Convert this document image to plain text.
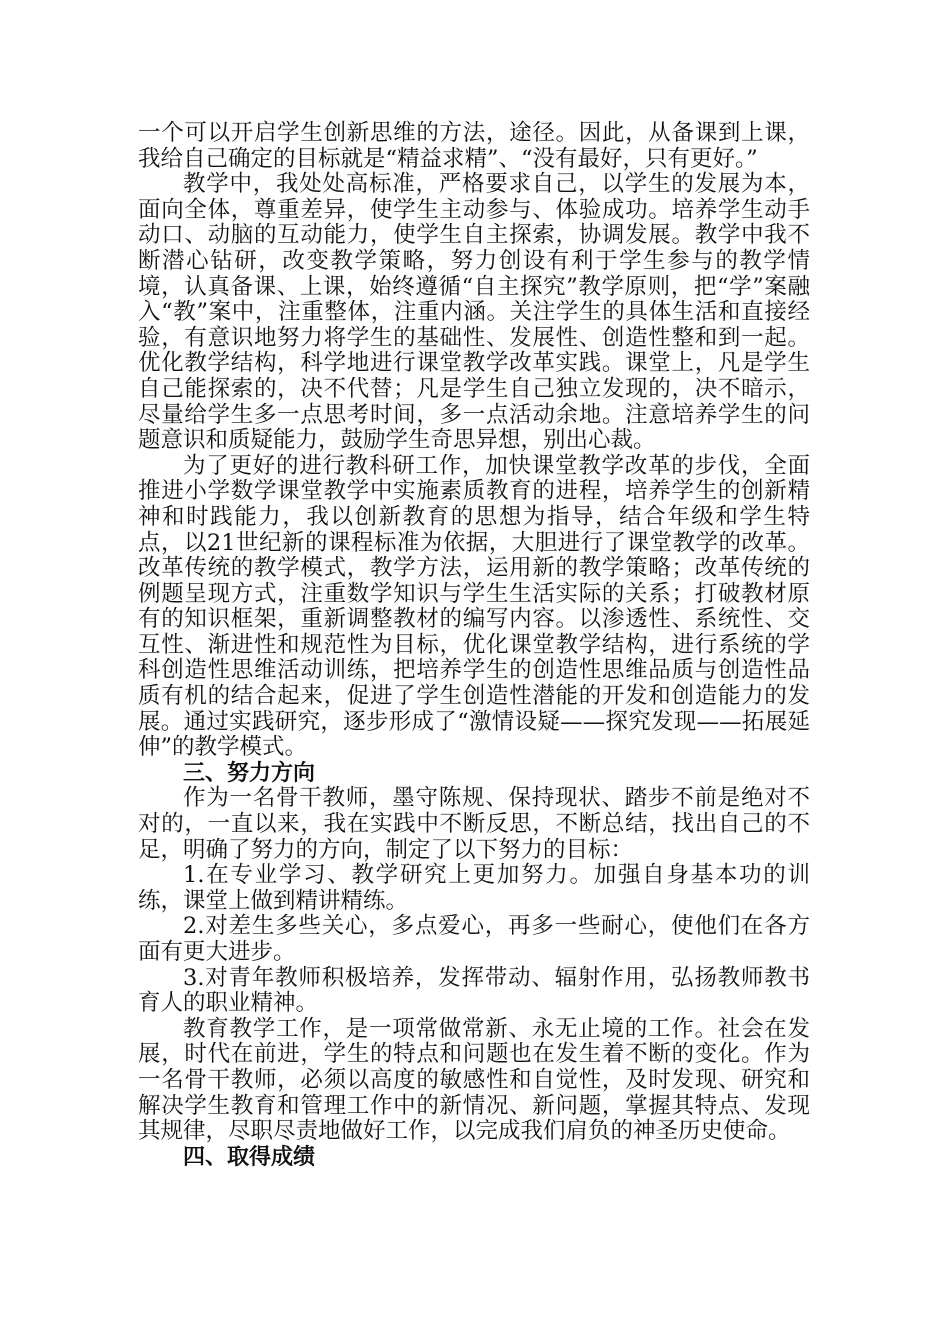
一个可以开启学生创新思维的方法，途径。因此，从备课到上课，我给自己确定的目标就是“精益求精”、“没有最好，只有更好。”

教学中，我处处高标准，严格要求自己，以学生的发展为本，面向全体，尊重差异，使学生主动参与、体验成功。培养学生动手动口、动脑的互动能力，使学生自主探索，协调发展。教学中我不断潜心钻研，改变教学策略，努力创设有利于学生参与的教学情境，认真备课、上课，始终遵循“自主探究”教学原则，把“学”案融入“教”案中，注重整体，注重内涵。关注学生的具体生活和直接经验，有意识地努力将学生的基础性、发展性、创造性整和到一起。优化教学结构，科学地进行课堂教学改革实践。课堂上，凡是学生自己能探索的，决不代替；凡是学生自己独立发现的，决不暗示，尽量给学生多一点思考时间，多一点活动余地。注意培养学生的问题意识和质疑能力，鼓励学生奇思异想，别出心裁。

为了更好的进行教科研工作，加快课堂教学改革的步伐，全面推进小学数学课堂教学中实施素质教育的进程，培养学生的创新精神和时践能力，我以创新教育的思想为指导，结合年级和学生特点，以21世纪新的课程标准为依据，大胆进行了课堂教学的改革。改革传统的教学模式，教学方法，运用新的教学策略；改革传统的例题呈现方式，注重数学知识与学生生活实际的关系；打破教材原有的知识框架，重新调整教材的编写内容。以渗透性、系统性、交互性、渐进性和规范性为目标，优化课堂教学结构，进行系统的学科创造性思维活动训练，把培养学生的创造性思维品质与创造性品质有机的结合起来，促进了学生创造性潜能的开发和创造能力的发展。通过实践研究，逐步形成了“激情设疑——探究发现——拓展延伸”的教学模式。

三、努力方向

作为一名骨干教师，墨守陈规、保持现状、踏步不前是绝对不对的，一直以来，我在实践中不断反思，不断总结，找出自己的不足，明确了努力的方向，制定了以下努力的目标：

1.在专业学习、教学研究上更加努力。加强自身基本功的训练，课堂上做到精讲精练。

2.对差生多些关心，多点爱心，再多一些耐心，使他们在各方面有更大进步。

3.对青年教师积极培养，发挥带动、辐射作用，弘扬教师教书育人的职业精神。

教育教学工作，是一项常做常新、永无止境的工作。社会在发展，时代在前进，学生的特点和问题也在发生着不断的变化。作为一名骨干教师，必须以高度的敏感性和自觉性，及时发现、研究和解决学生教育和管理工作中的新情况、新问题，掌握其特点、发现其规律，尽职尽责地做好工作，以完成我们肩负的神圣历史使命。

四、取得成绩
